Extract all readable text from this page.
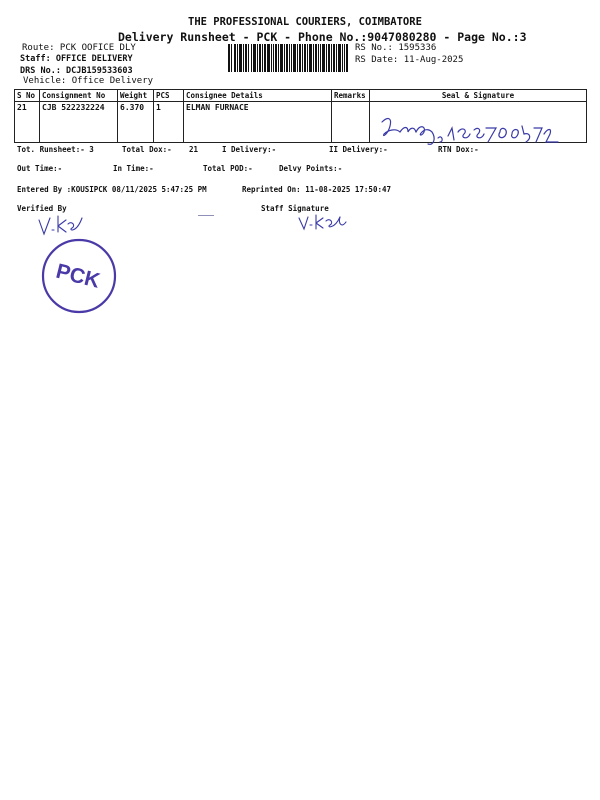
THE PROFESSIONAL COURIERS, COIMBATORE
Delivery Runsheet - PCK - Phone No.:9047080280 - Page No.:3
Route: PCK OOFICE DLY
Staff: OFFICE DELIVERY
DRS No.: DCJB159533603
Vehicle: Office Delivery
RS No.: 1595336
RS Date: 11-Aug-2025
S No	Consignment No	Weight	PCS	Consignee Details	Remarks	Seal & Signature
21	CJB 522232224	6.370	1	ELMAN FURNACE		
Tot. Runsheet:- 3	Total Dox:- 21	I Delivery:-	II Delivery:-	RTN Dox:-
Out Time:-	In Time:-	Total POD:-	Delvy Points:-
Entered By :KOUSIPCK 08/11/2025 5:47:25 PM	Reprinted On: 11-08-2025 17:50:47
Verified By	Staff Signature
PCK
